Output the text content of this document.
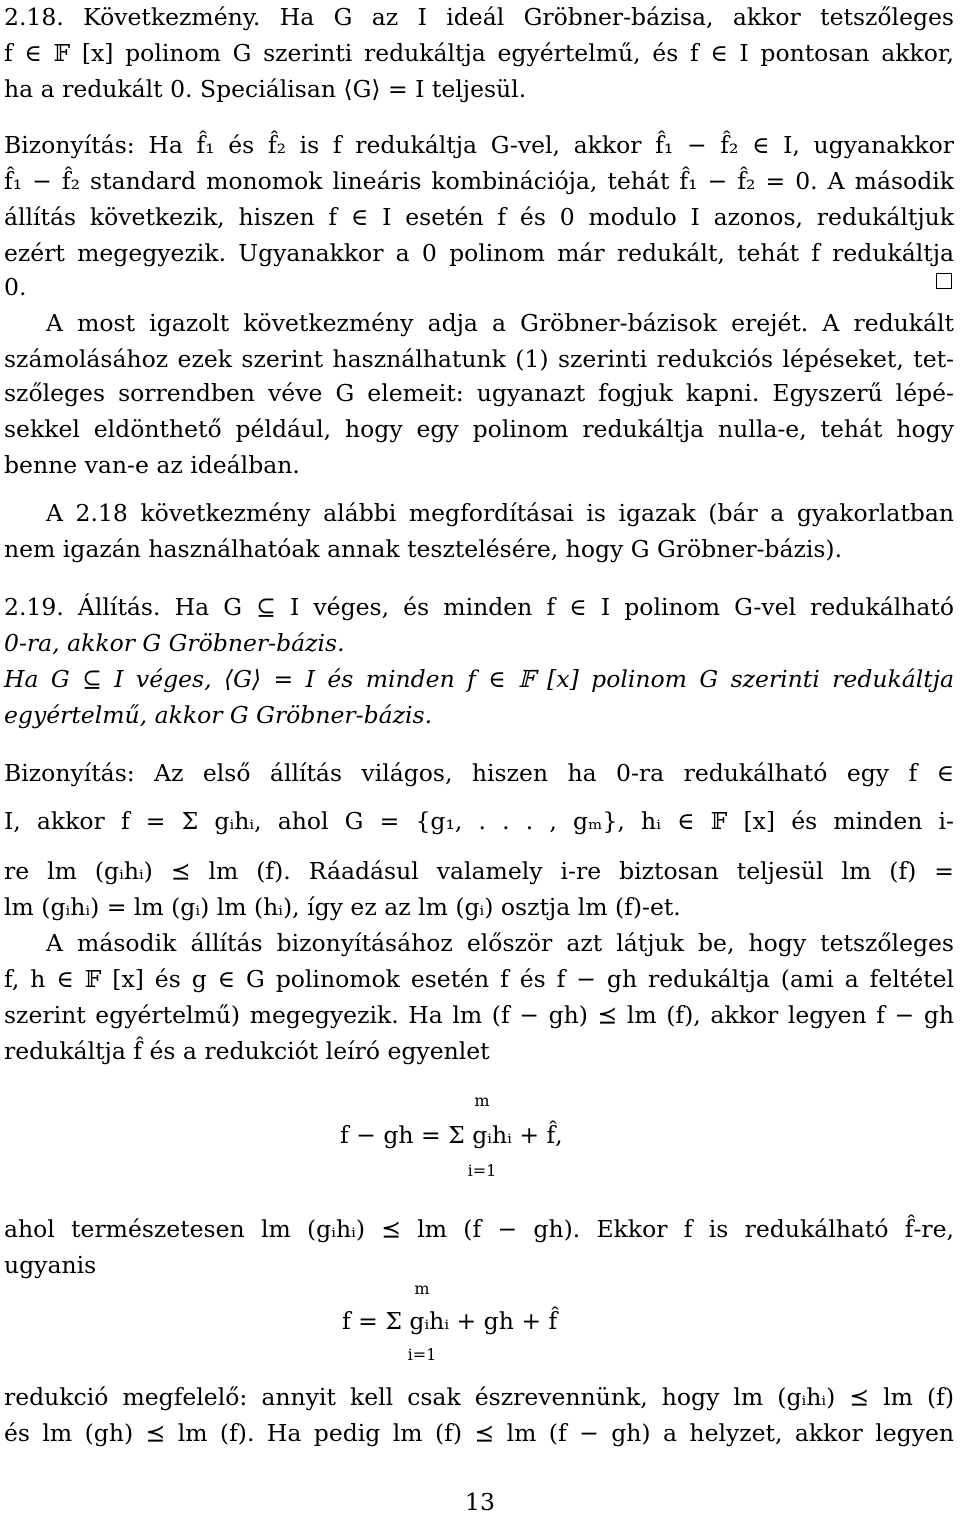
2.18. Következmény. Ha G az I ideál Gröbner-bázisa, akkor tetszőleges
f ∈ 𝔽 [x] polinom G szerinti redukáltja egyértelmű, és f ∈ I pontosan akkor,
ha a redukált 0. Speciálisan ⟨G⟩ = I teljesül.
Bizonyítás: Ha f̂₁ és f̂₂ is f redukáltja G-vel, akkor f̂₁ − f̂₂ ∈ I, ugyanakkor
f̂₁ − f̂₂ standard monomok lineáris kombinációja, tehát f̂₁ − f̂₂ = 0. A második
állítás következik, hiszen f ∈ I esetén f és 0 modulo I azonos, redukáltjuk
ezért megegyezik. Ugyanakkor a 0 polinom már redukált, tehát f redukáltja
0.
A most igazolt következmény adja a Gröbner-bázisok erejét. A redukált
számolásához ezek szerint használhatunk (1) szerinti redukciós lépéseket, tet-
szőleges sorrendben véve G elemeit: ugyanazt fogjuk kapni. Egyszerű lépé-
sekkel eldönthető például, hogy egy polinom redukáltja nulla-e, tehát hogy
benne van-e az ideálban.
A 2.18 következmény alábbi megfordításai is igazak (bár a gyakorlatban
nem igazán használhatóak annak tesztelésére, hogy G Gröbner-bázis).
2.19. Állítás. Ha G ⊆ I véges, és minden f ∈ I polinom G-vel redukálható
0-ra, akkor G Gröbner-bázis.
Ha G ⊆ I véges, ⟨G⟩ = I és minden f ∈ 𝔽 [x] polinom G szerinti redukáltja
egyértelmű, akkor G Gröbner-bázis.
Bizonyítás: Az első állítás világos, hiszen ha 0-ra redukálható egy f ∈
I, akkor f = Σ gᵢhᵢ, ahol G = {g₁, . . . , gₘ}, hᵢ ∈ 𝔽 [x] és minden i-
re lm (gᵢhᵢ) ⪯ lm (f). Ráadásul valamely i-re biztosan teljesül lm (f) =
lm (gᵢhᵢ) = lm (gᵢ) lm (hᵢ), így ez az lm (gᵢ) osztja lm (f)-et.
A második állítás bizonyításához először azt látjuk be, hogy tetszőleges
f, h ∈ 𝔽 [x] és g ∈ G polinomok esetén f és f − gh redukáltja (ami a feltétel
szerint egyértelmű) megegyezik. Ha lm (f − gh) ⪯ lm (f), akkor legyen f − gh
redukáltja f̂ és a redukciót leíró egyenlet
f − gh = Σ gᵢhᵢ + f̂,
m
i=1
ahol természetesen lm (gᵢhᵢ) ⪯ lm (f − gh). Ekkor f is redukálható f̂-re,
ugyanis
f = Σ gᵢhᵢ + gh + f̂
m
i=1
redukció megfelelő: annyit kell csak észrevennünk, hogy lm (gᵢhᵢ) ⪯ lm (f)
és lm (gh) ⪯ lm (f). Ha pedig lm (f) ⪯ lm (f − gh) a helyzet, akkor legyen
13
